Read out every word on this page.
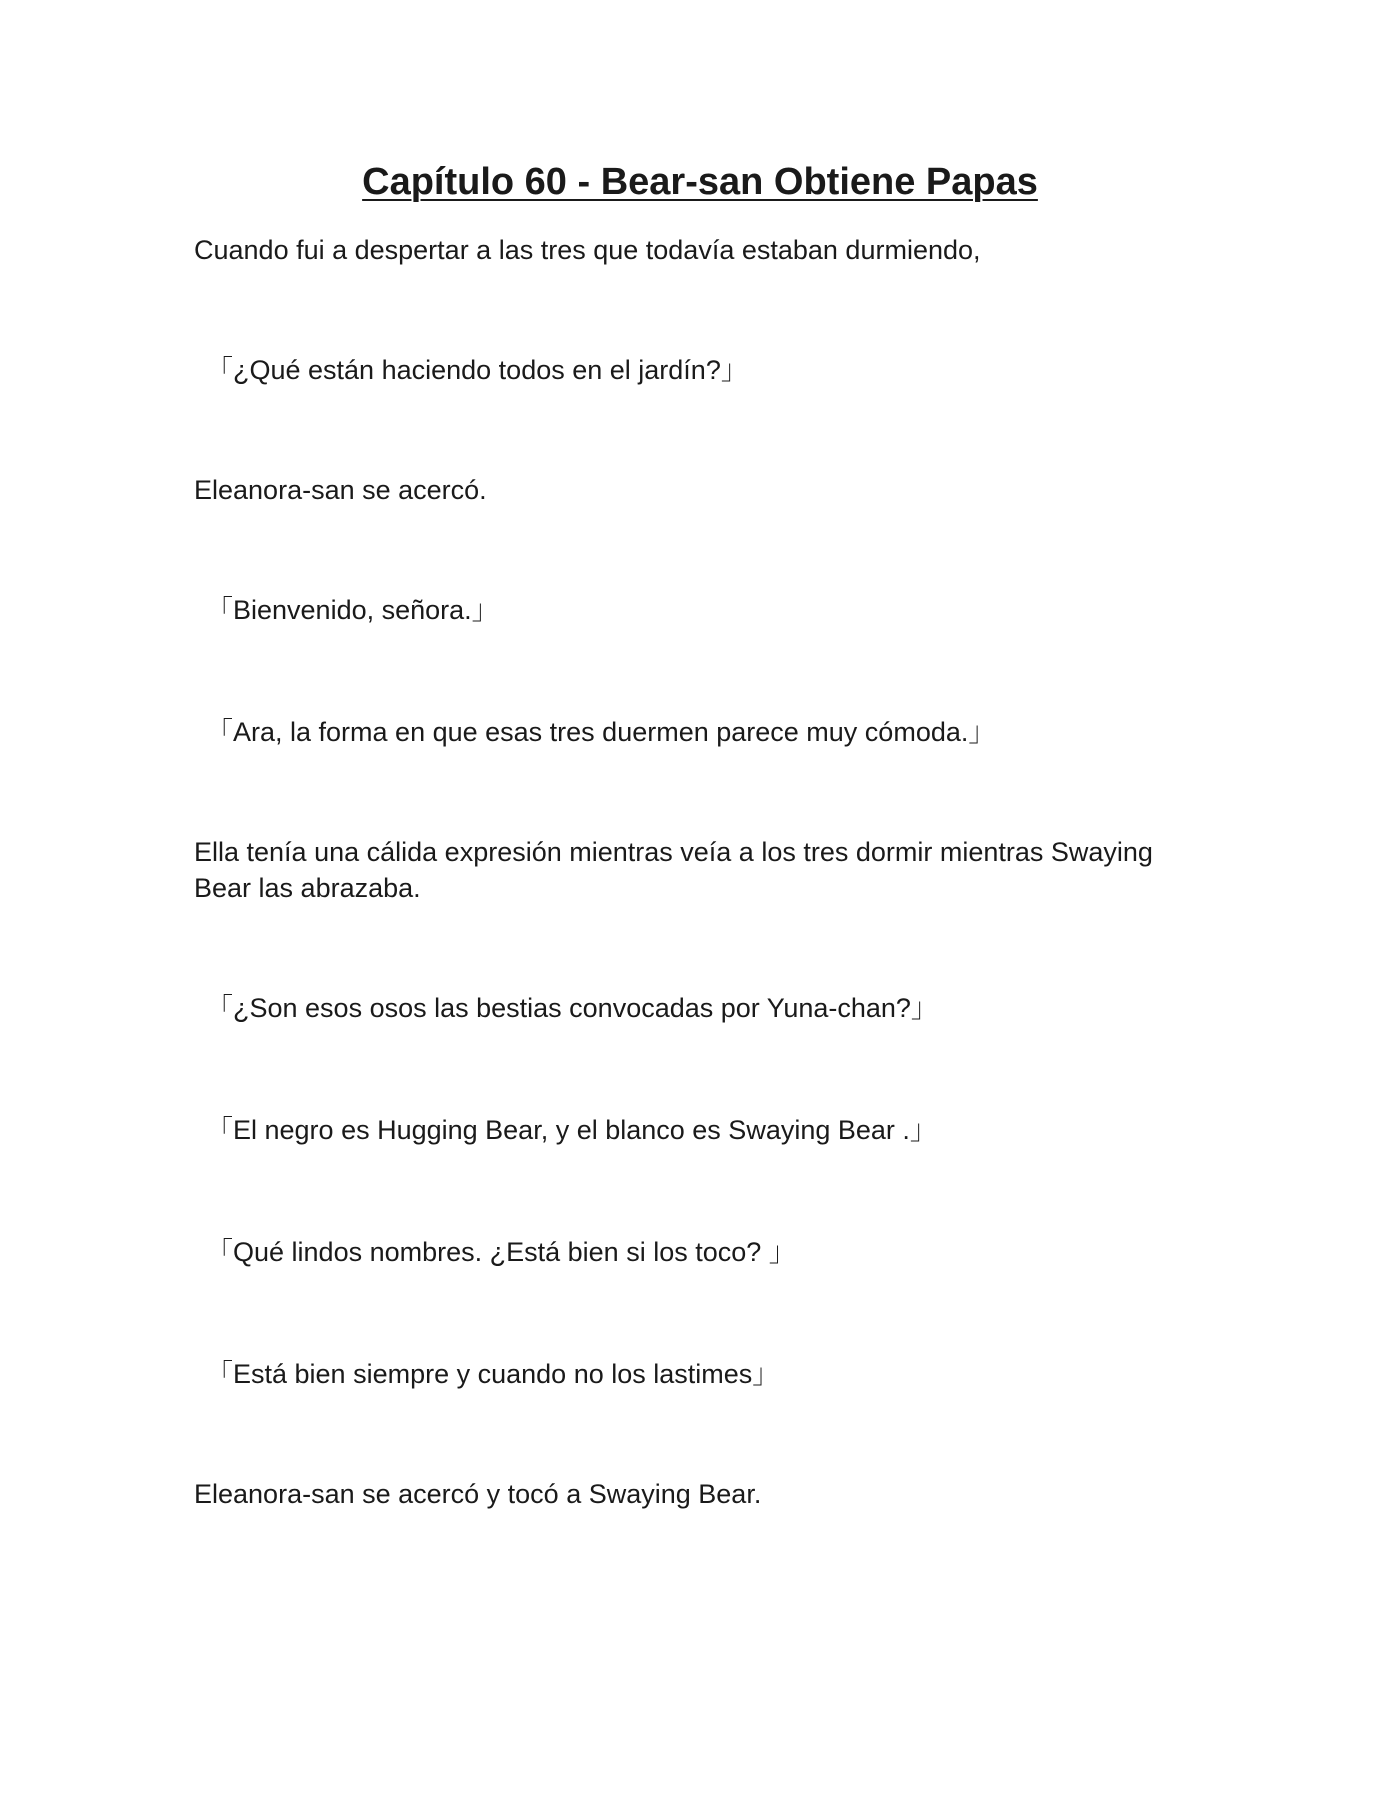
Capítulo 60 - Bear-san Obtiene Papas

Cuando fui a despertar a las tres que todavía estaban durmiendo,

「¿Qué están haciendo todos en el jardín?」

Eleanora-san se acercó.

「Bienvenido, señora.」

「Ara, la forma en que esas tres duermen parece muy cómoda.」

Ella tenía una cálida expresión mientras veía a los tres dormir mientras Swaying Bear las abrazaba.

「¿Son esos osos las bestias convocadas por Yuna-chan?」

「El negro es Hugging Bear, y el blanco es Swaying Bear .」

「Qué lindos nombres. ¿Está bien si los toco? 」

「Está bien siempre y cuando no los lastimes」

Eleanora-san se acercó y tocó a Swaying Bear.
